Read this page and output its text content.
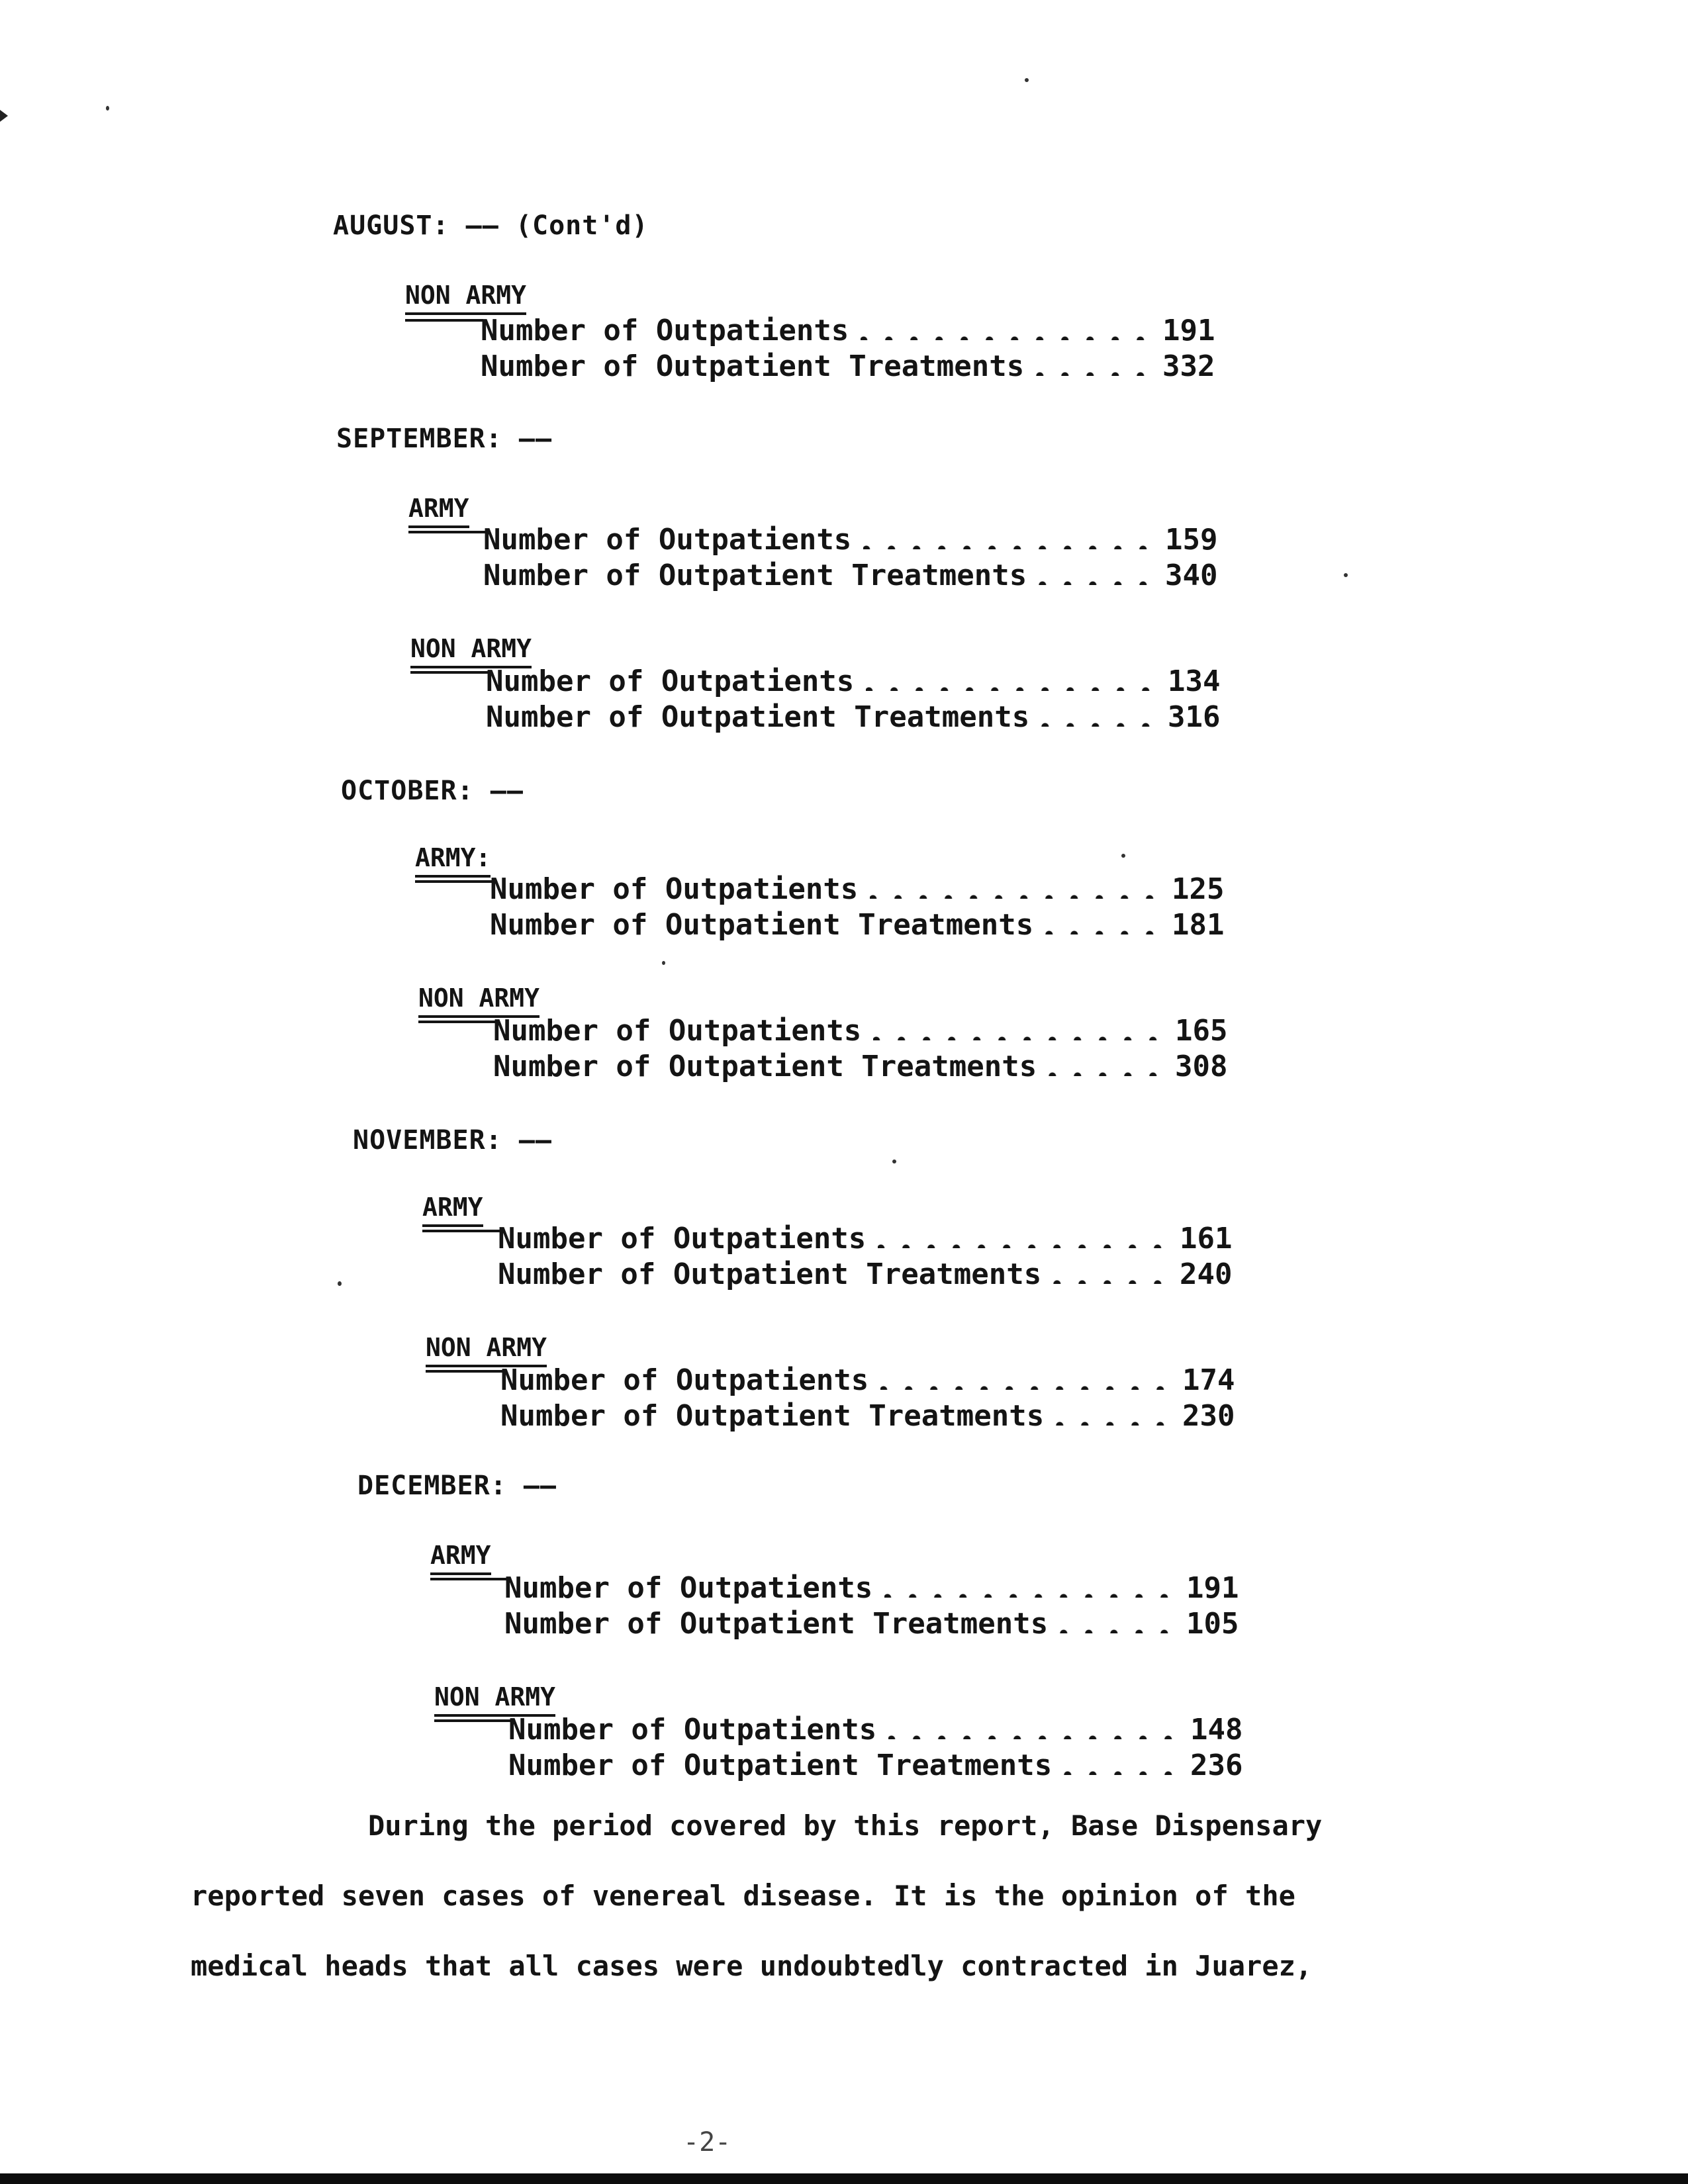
AUGUST: —— (Cont'd)
NON ARMY
Number of Outpatients	191
Number of Outpatient Treatments	332
SEPTEMBER: ——
ARMY
Number of Outpatients	159
Number of Outpatient Treatments	340
NON ARMY
Number of Outpatients	134
Number of Outpatient Treatments	316
OCTOBER: ——
ARMY:
Number of Outpatients	125
Number of Outpatient Treatments	181
NON ARMY
Number of Outpatients	165
Number of Outpatient Treatments	308
NOVEMBER: ——
ARMY
Number of Outpatients	161
Number of Outpatient Treatments	240
NON ARMY
Number of Outpatients	174
Number of Outpatient Treatments	230
DECEMBER: ——
ARMY
Number of Outpatients	191
Number of Outpatient Treatments	105
NON ARMY
Number of Outpatients	148
Number of Outpatient Treatments	236
During the period covered by this report, Base Dispensary
reported seven cases of venereal disease. It is the opinion of the
medical heads that all cases were undoubtedly contracted in Juarez,
-2-
